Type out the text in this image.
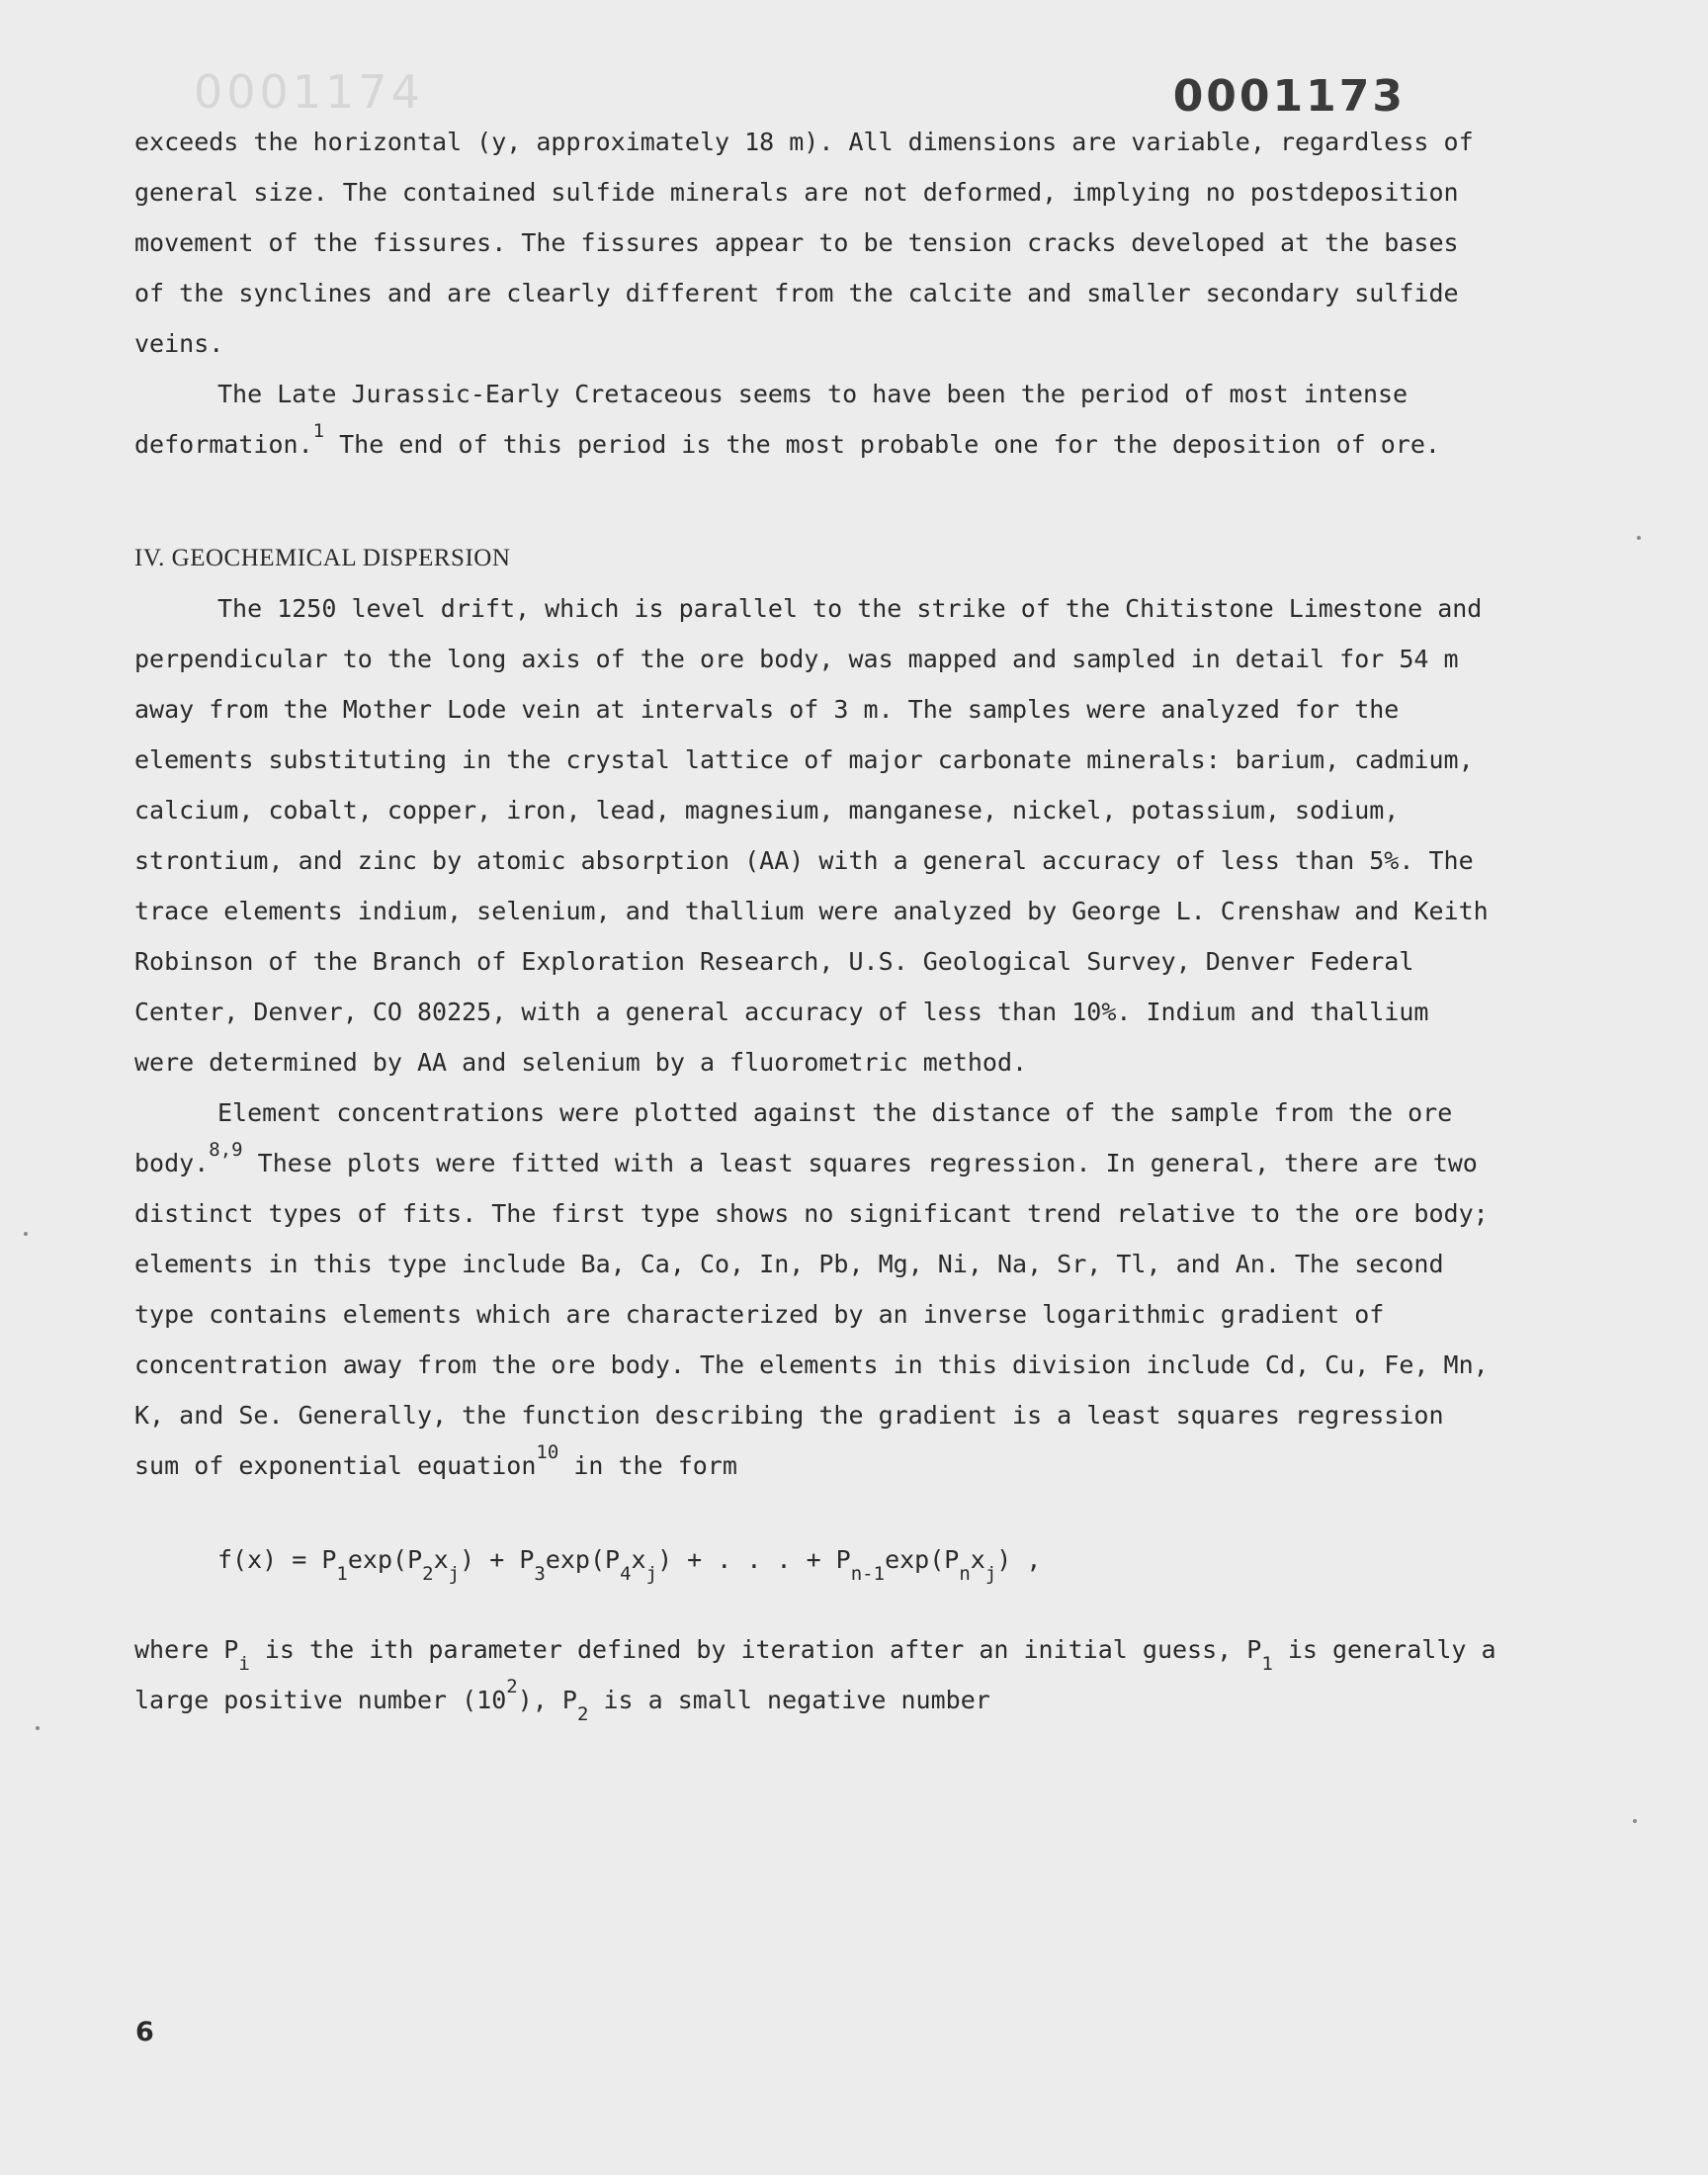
0001174	0001173

exceeds the horizontal (y, approximately 18 m). All dimensions are variable, regardless of general size. The contained sulfide minerals are not deformed, implying no postdeposition movement of the fissures. The fissures appear to be tension cracks developed at the bases of the synclines and are clearly different from the calcite and smaller secondary sulfide veins.

The Late Jurassic-Early Cretaceous seems to have been the period of most intense deformation.$^1$ The end of this period is the most probable one for the deposition of ore.

IV. GEOCHEMICAL DISPERSION

The 1250 level drift, which is parallel to the strike of the Chitistone Limestone and perpendicular to the long axis of the ore body, was mapped and sampled in detail for 54 m away from the Mother Lode vein at intervals of 3 m. The samples were analyzed for the elements substituting in the crystal lattice of major carbonate minerals: barium, cadmium, calcium, cobalt, copper, iron, lead, magnesium, manganese, nickel, potassium, sodium, strontium, and zinc by atomic absorption (AA) with a general accuracy of less than 5%. The trace elements indium, selenium, and thallium were analyzed by George L. Crenshaw and Keith Robinson of the Branch of Exploration Research, U.S. Geological Survey, Denver Federal Center, Denver, CO 80225, with a general accuracy of less than 10%. Indium and thallium were determined by AA and selenium by a fluorometric method.

Element concentrations were plotted against the distance of the sample from the ore body.$^{8,9}$ These plots were fitted with a least squares regression. In general, there are two distinct types of fits. The first type shows no significant trend relative to the ore body; elements in this type include Ba, Ca, Co, In, Pb, Mg, Ni, Na, Sr, Tl, and An. The second type contains elements which are characterized by an inverse logarithmic gradient of concentration away from the ore body. The elements in this division include Cd, Cu, Fe, Mn, K, and Se. Generally, the function describing the gradient is a least squares regression sum of exponential equation$^{10}$ in the form

$f(x) = P_1\exp(P_2x_j) + P_3\exp(P_4x_j)$ + . . . + $P_{n-1}\exp(P_nx_j)$ ,

where $P_i$ is the ith parameter defined by iteration after an initial guess, $P_1$ is generally a large positive number $(10^2)$, $P_2$ is a small negative number

6
